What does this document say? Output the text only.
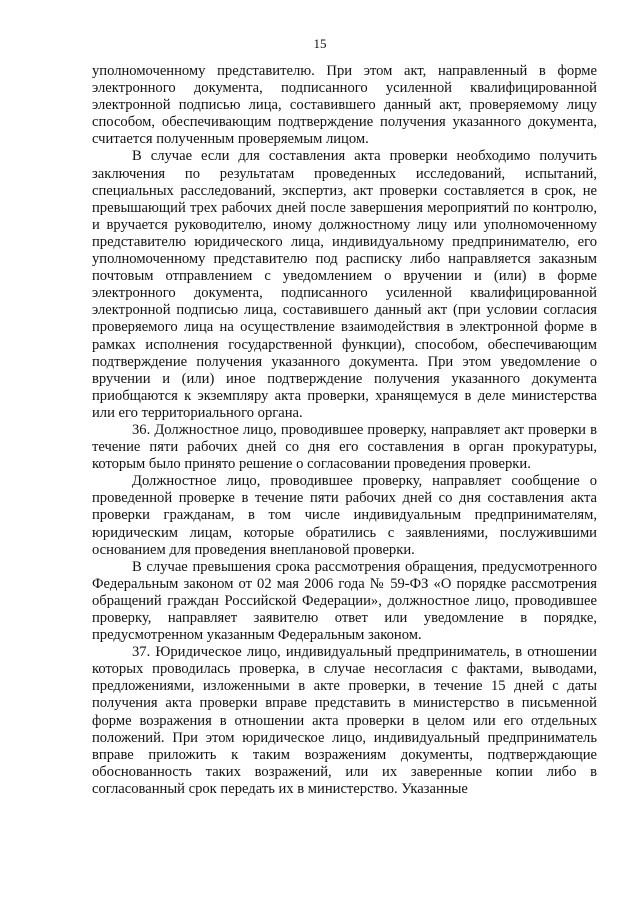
15

уполномоченному представителю. При этом акт, направленный в форме электронного документа, подписанного усиленной квалифицированной электронной подписью лица, составившего данный акт, проверяемому лицу способом, обеспечивающим подтверждение получения указанного документа, считается полученным проверяемым лицом.

В случае если для составления акта проверки необходимо получить заключения по результатам проведенных исследований, испытаний, специальных расследований, экспертиз, акт проверки составляется в срок, не превышающий трех рабочих дней после завершения мероприятий по контролю, и вручается руководителю, иному должностному лицу или уполномоченному представителю юридического лица, индивидуальному предпринимателю, его уполномоченному представителю под расписку либо направляется заказным почтовым отправлением с уведомлением о вручении и (или) в форме электронного документа, подписанного усиленной квалифицированной электронной подписью лица, составившего данный акт (при условии согласия проверяемого лица на осуществление взаимодействия в электронной форме в рамках исполнения государственной функции), способом, обеспечивающим подтверждение получения указанного документа. При этом уведомление о вручении и (или) иное подтверждение получения указанного документа приобщаются к экземпляру акта проверки, хранящемуся в деле министерства или его территориального органа.

36. Должностное лицо, проводившее проверку, направляет акт проверки в течение пяти рабочих дней со дня его составления в орган прокуратуры, которым было принято решение о согласовании проведения проверки.

Должностное лицо, проводившее проверку, направляет сообщение о проведенной проверке в течение пяти рабочих дней со дня составления акта проверки гражданам, в том числе индивидуальным предпринимателям, юридическим лицам, которые обратились с заявлениями, послужившими основанием для проведения внеплановой проверки.

В случае превышения срока рассмотрения обращения, предусмотренного Федеральным законом от 02 мая 2006 года № 59-ФЗ «О порядке рассмотрения обращений граждан Российской Федерации», должностное лицо, проводившее проверку, направляет заявителю ответ или уведомление в порядке, предусмотренном указанным Федеральным законом.

37. Юридическое лицо, индивидуальный предприниматель, в отношении которых проводилась проверка, в случае несогласия с фактами, выводами, предложениями, изложенными в акте проверки, в течение 15 дней с даты получения акта проверки вправе представить в министерство в письменной форме возражения в отношении акта проверки в целом или его отдельных положений. При этом юридическое лицо, индивидуальный предприниматель вправе приложить к таким возражениям документы, подтверждающие обоснованность таких возражений, или их заверенные копии либо в согласованный срок передать их в министерство. Указанные
